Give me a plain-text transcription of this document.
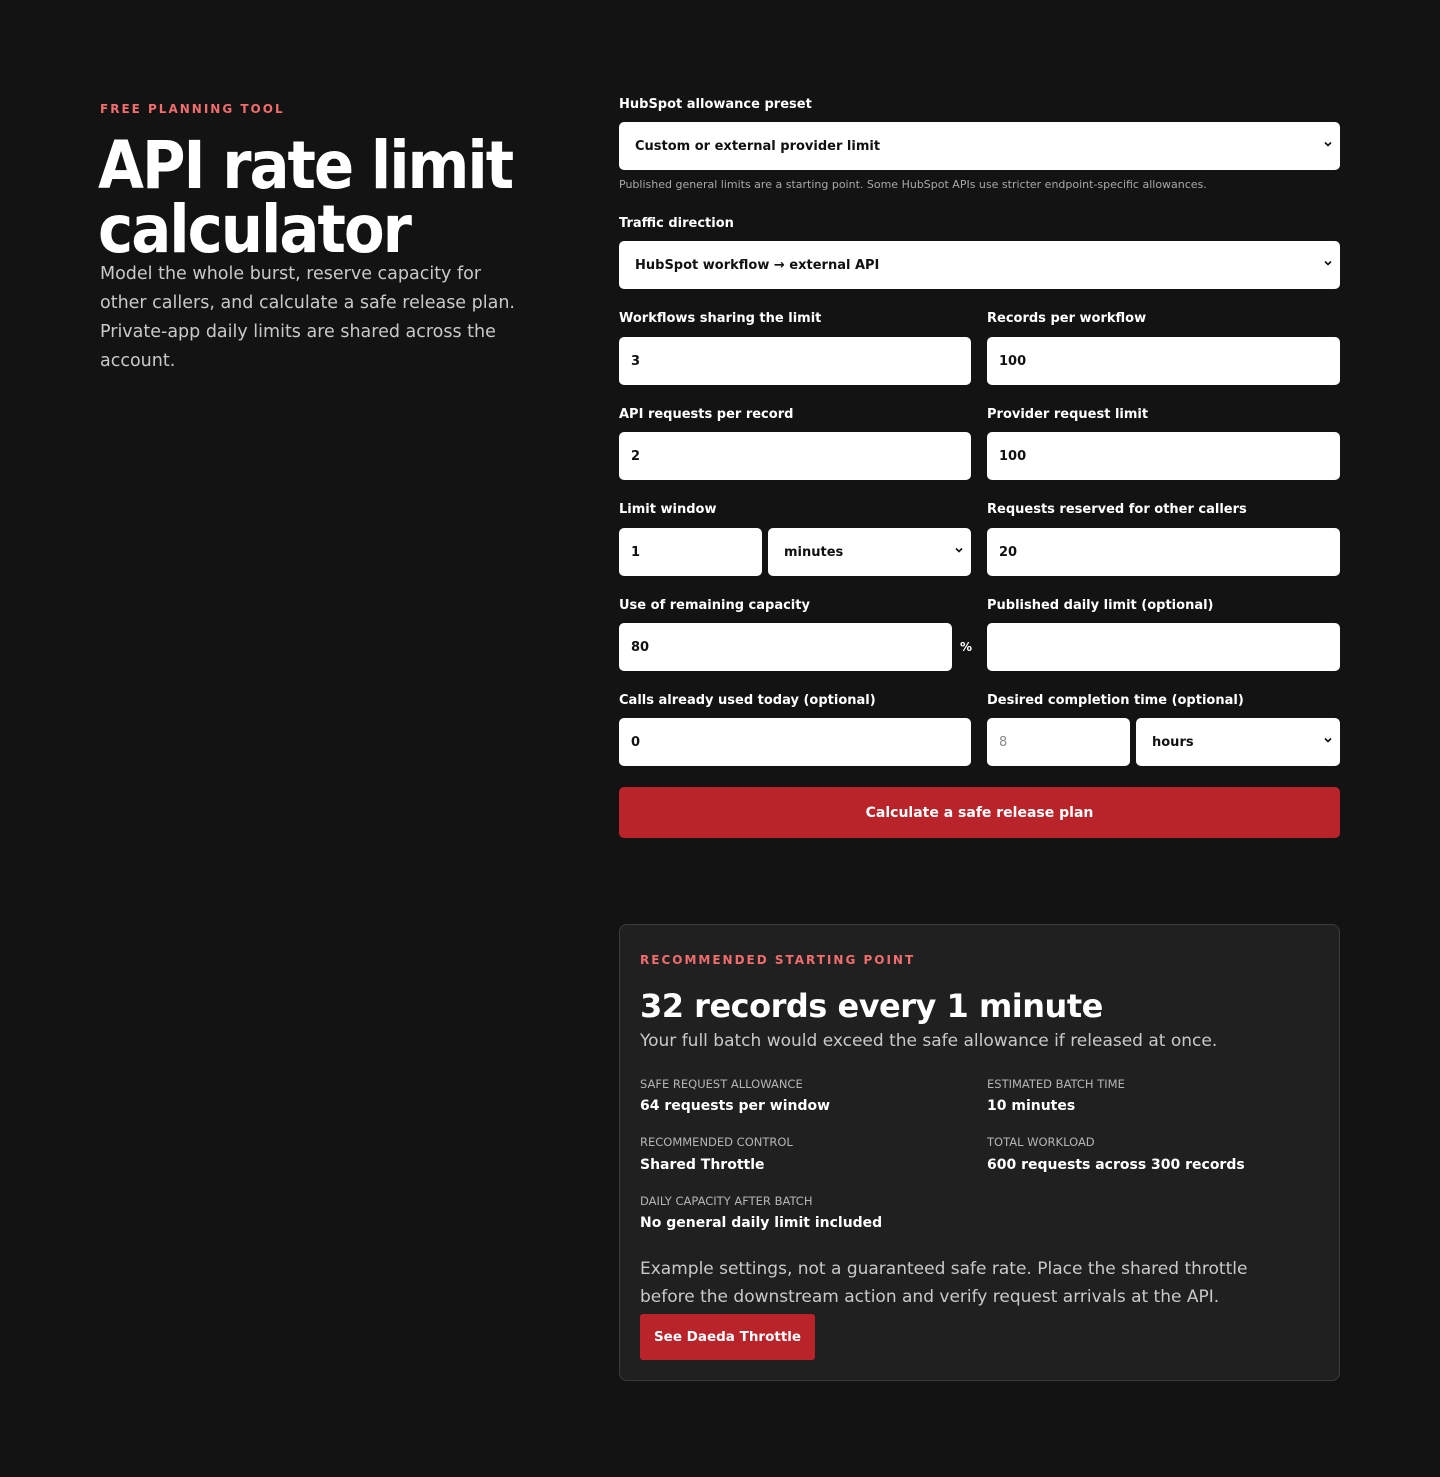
FREE PLANNING TOOL
API rate limit calculator

Model the whole burst, reserve capacity for other callers, and calculate a safe release plan. Private-app daily limits are shared across the account.

HubSpot allowance preset
Custom or external provider limit
Published general limits are a starting point. Some HubSpot APIs use stricter endpoint-specific allowances.
Traffic direction
HubSpot workflow → external API
Workflows sharing the limit
3
Records per workflow
100
API requests per record
2
Provider request limit
100
Limit window
1	minutes
Requests reserved for other callers
20
Use of remaining capacity
80	%
Published daily limit (optional)
Calls already used today (optional)
0
Desired completion time (optional)
8	hours
Calculate a safe release plan
RECOMMENDED STARTING POINT
32 records every 1 minute
Your full batch would exceed the safe allowance if released at once.
SAFE REQUEST ALLOWANCE
64 requests per window
ESTIMATED BATCH TIME
10 minutes
RECOMMENDED CONTROL
Shared Throttle
TOTAL WORKLOAD
600 requests across 300 records
DAILY CAPACITY AFTER BATCH
No general daily limit included

Example settings, not a guaranteed safe rate. Place the shared throttle before the downstream action and verify request arrivals at the API.

See Daeda Throttle
